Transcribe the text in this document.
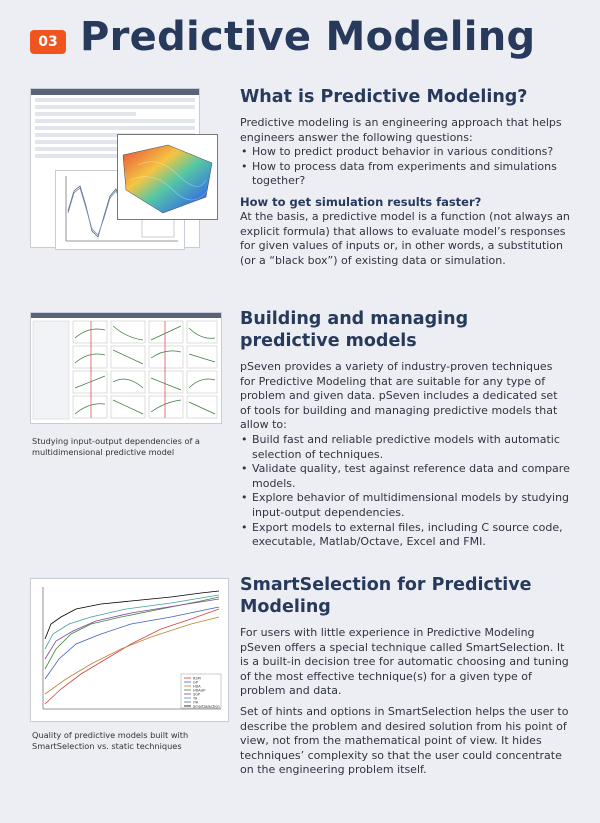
03 Predictive Modeling
What is Predictive Modeling?

Predictive modeling is an engineering approach that helps engineers answer the following questions:

• How to predict product behavior in various conditions?
• How to process data from experiments and simulations together?
How to get simulation results faster?

At the basis, a predictive model is a function (not always an explicit formula) that allows to evaluate model’s responses for given values of inputs or, in other words, a substitution (or a “black box”) of existing data or simulation.

Studying input-output dependencies of a multidimensional predictive model
Building and managing predictive models

pSeven provides a variety of industry-proven techniques for Predictive Modeling that are suitable for any type of problem and given data. pSeven includes a dedicated set of tools for building and managing predictive models that allow to:

• Build fast and reliable predictive models with automatic selection of techniques.
• Validate quality, test against reference data and compare models.
• Explore behavior of multidimensional models by studying input-output dependencies.
• Export models to external files, including C source code, executable, Matlab/Octave, Excel and FMI.
RSM
GP
HDA
HDAGP
SGP
TA
iTA
SmartSelection
Quality of predictive models built with SmartSelection vs. static techniques
SmartSelection for Predictive Modeling

For users with little experience in Predictive Modeling pSeven offers a special technique called SmartSelection. It is a built-in decision tree for automatic choosing and tuning of the most effective technique(s) for a given type of problem and data.

Set of hints and options in SmartSelection helps the user to describe the problem and desired solution from his point of view, not from the mathematical point of view. It hides techniques’ complexity so that the user could concentrate on the engineering problem itself.
